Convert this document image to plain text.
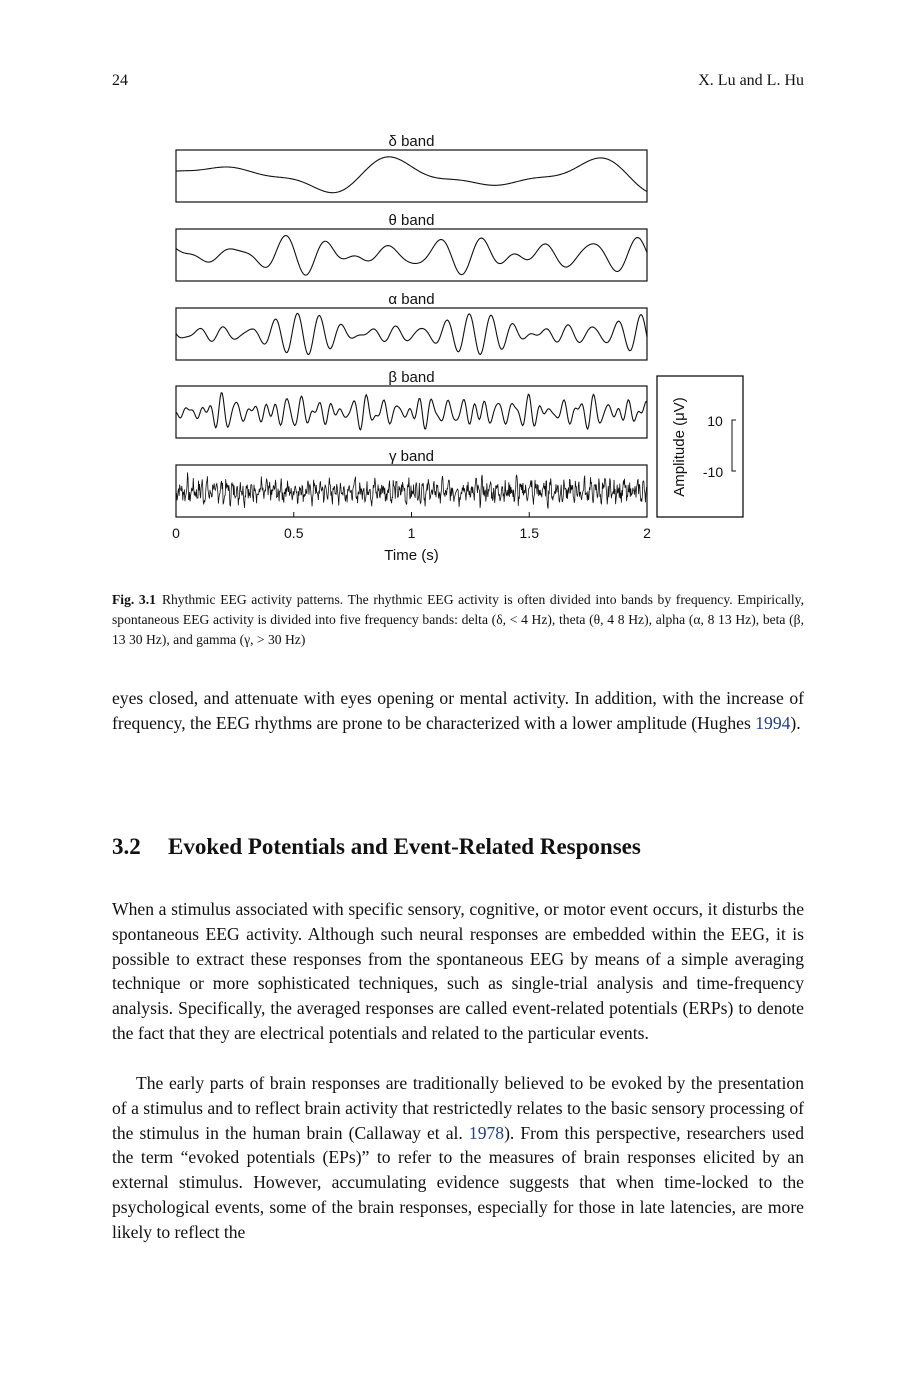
24	X. Lu and L. Hu
δ band
θ band
α band
β band
γ band
0	0.5	1	1.5	2
Time (s)
Amplitude (μV) 10
-10
Fig. 3.1 Rhythmic EEG activity patterns. The rhythmic EEG activity is often divided into bands by frequency. Empirically, spontaneous EEG activity is divided into five frequency bands: delta (δ, < 4 Hz), theta (θ, 4 8 Hz), alpha (α, 8 13 Hz), beta (β, 13 30 Hz), and gamma (γ, > 30 Hz)

eyes closed, and attenuate with eyes opening or mental activity. In addition, with the increase of frequency, the EEG rhythms are prone to be characterized with a lower amplitude (Hughes 1994).

3.2 Evoked Potentials and Event-Related Responses

When a stimulus associated with specific sensory, cognitive, or motor event occurs, it disturbs the spontaneous EEG activity. Although such neural responses are embedded within the EEG, it is possible to extract these responses from the spontaneous EEG by means of a simple averaging technique or more sophisticated techniques, such as single-trial analysis and time-frequency analysis. Specifically, the averaged responses are called event-related potentials (ERPs) to denote the fact that they are electrical potentials and related to the particular events.

The early parts of brain responses are traditionally believed to be evoked by the presentation of a stimulus and to reflect brain activity that restrictedly relates to the basic sensory processing of the stimulus in the human brain (Callaway et al. 1978). From this perspective, researchers used the term “evoked potentials (EPs)” to refer to the measures of brain responses elicited by an external stimulus. However, accumulating evidence suggests that when time-locked to the psychological events, some of the brain responses, especially for those in late latencies, are more likely to reflect the
